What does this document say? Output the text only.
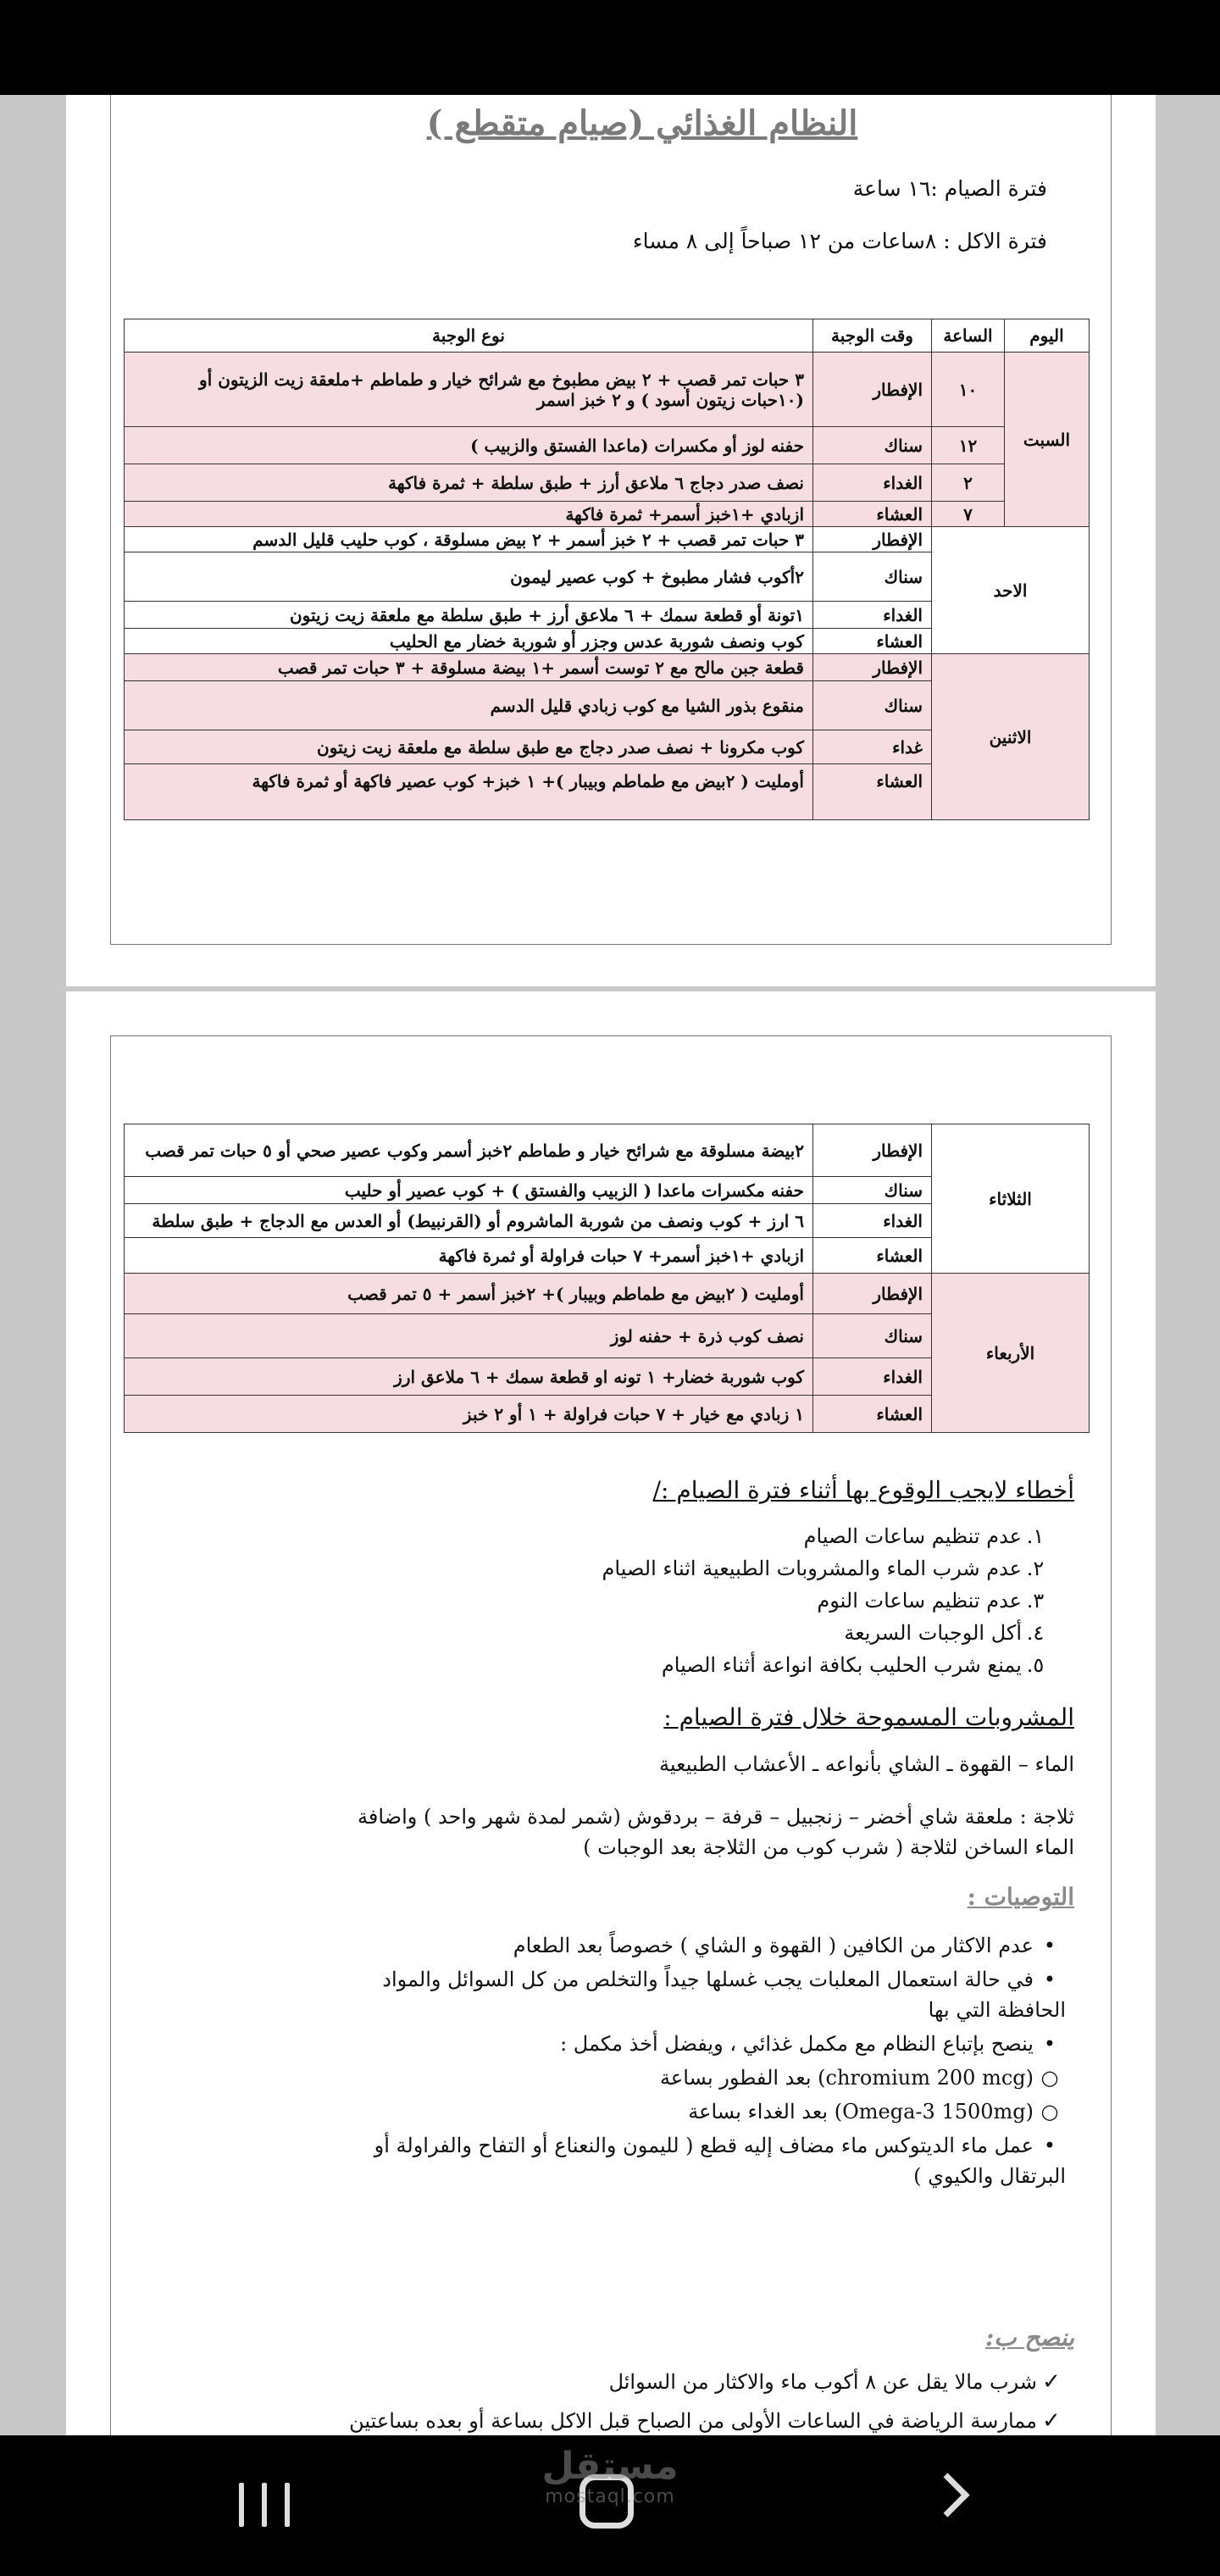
النظام الغذائي (صيام متقطع )
فترة الصيام :١٦ ساعة
فترة الاكل : ٨ساعات من ١٢ صباحاً إلى ٨ مساء
اليوم	الساعة	وقت الوجبة	نوع الوجبة
السبت	١٠	الإفطار	٣ حبات تمر قصب + ٢ بيض مطبوخ مع شرائح خيار و طماطم +ملعقة زيت الزيتون أو (١٠حبات زيتون أسود ) و ٢ خبز اسمر
	١٢	سناك	حفنه لوز أو مكسرات (ماعدا الفستق والزبيب )
	٢	الغداء	نصف صدر دجاج ٦ ملاعق أرز + طبق سلطة + ثمرة فاكهة
	٧	العشاء	ازبادي +١خبز أسمر+ ثمرة فاكهة
الاحد		الإفطار	٣ حبات تمر قصب + ٢ خبز أسمر + ٢ بيض مسلوقة ، كوب حليب قليل الدسم
		سناك	٢أكوب فشار مطبوخ + كوب عصير ليمون
		الغداء	١تونة أو قطعة سمك + ٦ ملاعق أرز + طبق سلطة مع ملعقة زيت زيتون
		العشاء	كوب ونصف شوربة عدس وجزر أو شوربة خضار مع الحليب
الاثنين		الإفطار	قطعة جبن مالح مع ٢ توست أسمر +١ بيضة مسلوقة + ٣ حبات تمر قصب
		سناك	منقوع بذور الشيا مع كوب زبادي قليل الدسم
		غداء	كوب مكرونا + نصف صدر دجاج مع طبق سلطة مع ملعقة زيت زيتون
		العشاء	أومليت ( ٢بيض مع طماطم وبيبار )+ ١ خبز+ كوب عصير فاكهة أو ثمرة فاكهة
الثلاثاء	الإفطار	٢بيضة مسلوقة مع شرائح خيار و طماطم ٢خبز أسمر وكوب عصير صحي أو ٥ حبات تمر قصب
	سناك	حفنه مكسرات ماعدا ( الزبيب والفستق ) + كوب عصير أو حليب
	الغداء	٦ ارز + كوب ونصف من شوربة الماشروم أو (القرنبيط) أو العدس مع الدجاج + طبق سلطة
	العشاء	ازبادي +١خبز أسمر+ ٧ حبات فراولة أو ثمرة فاكهة
الأربعاء	الإفطار	أومليت ( ٢بيض مع طماطم وبيبار )+ ٢خبز أسمر + ٥ تمر قصب
	سناك	نصف كوب ذرة + حفنه لوز
	الغداء	كوب شوربة خضار+ ١ تونه او قطعة سمك + ٦ ملاعق ارز
	العشاء	١ زبادي مع خيار + ٧ حبات فراولة + ١ أو ٢ خبز
أخطاء لايجب الوقوع بها أثناء فترة الصيام :/
١.عدم تنظيم ساعات الصيام
٢.عدم شرب الماء والمشروبات الطبيعية اثناء الصيام
٣.عدم تنظيم ساعات النوم
٤.أكل الوجبات السريعة
٥.يمنع شرب الحليب بكافة انواعة أثناء الصيام
المشروبات المسموحة خلال فترة الصيام :
الماء – القهوة ـ الشاي بأنواعه ـ الأعشاب الطبيعية
ثلاجة : ملعقة شاي أخضر – زنجبيل – قرفة – بردقوش (شمر لمدة شهر واحد ) واضافة
الماء الساخن لثلاجة ( شرب كوب من الثلاجة بعد الوجبات )
التوصيات :
•عدم الاكثار من الكافين ( القهوة و الشاي ) خصوصاً بعد الطعام
•في حالة استعمال المعلبات يجب غسلها جيداً والتخلص من كل السوائل والمواد الحافظة التي بها
•ينصح بإتباع النظام مع مكمل غذائي ، ويفضل أخذ مكمل :
○(chromium 200 mcg) بعد الفطور بساعة
○(Omega-3 1500mg) بعد الغداء بساعة
•عمل ماء الديتوكس ماء مضاف إليه قطع ( لليمون والنعناع أو التفاح والفراولة أو البرتقال والكيوي )
ينصح ب:
✓شرب مالا يقل عن ٨ أكوب ماء والاكثار من السوائل
✓ممارسة الرياضة في الساعات الأولى من الصباح قبل الاكل بساعة أو بعده بساعتين
مستقل
mostaql.com
